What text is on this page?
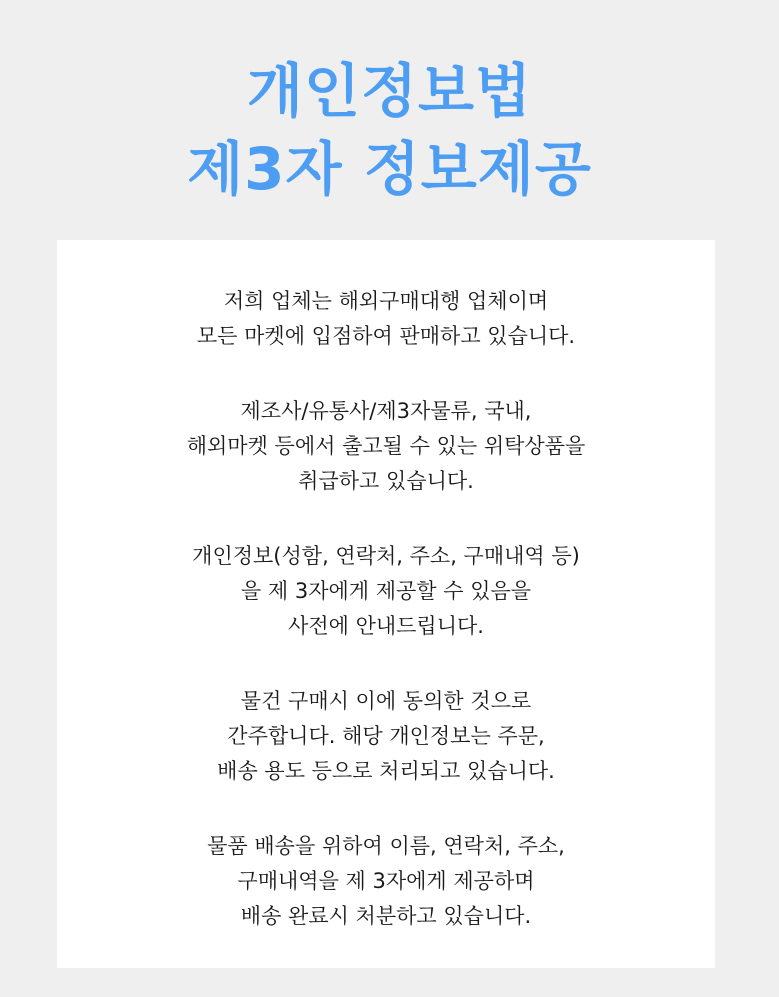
개인정보법
제3자 정보제공

저희 업체는 해외구매대행 업체이며
모든 마켓에 입점하여 판매하고 있습니다.

제조사/유통사/제3자물류, 국내,
해외마켓 등에서 출고될 수 있는 위탁상품을
취급하고 있습니다.

개인정보(성함, 연락처, 주소, 구매내역 등)
을 제 3자에게 제공할 수 있음을
사전에 안내드립니다.

물건 구매시 이에 동의한 것으로
간주합니다. 해당 개인정보는 주문,
배송 용도 등으로 처리되고 있습니다.

물품 배송을 위하여 이름, 연락처, 주소,
구매내역을 제 3자에게 제공하며
배송 완료시 처분하고 있습니다.
